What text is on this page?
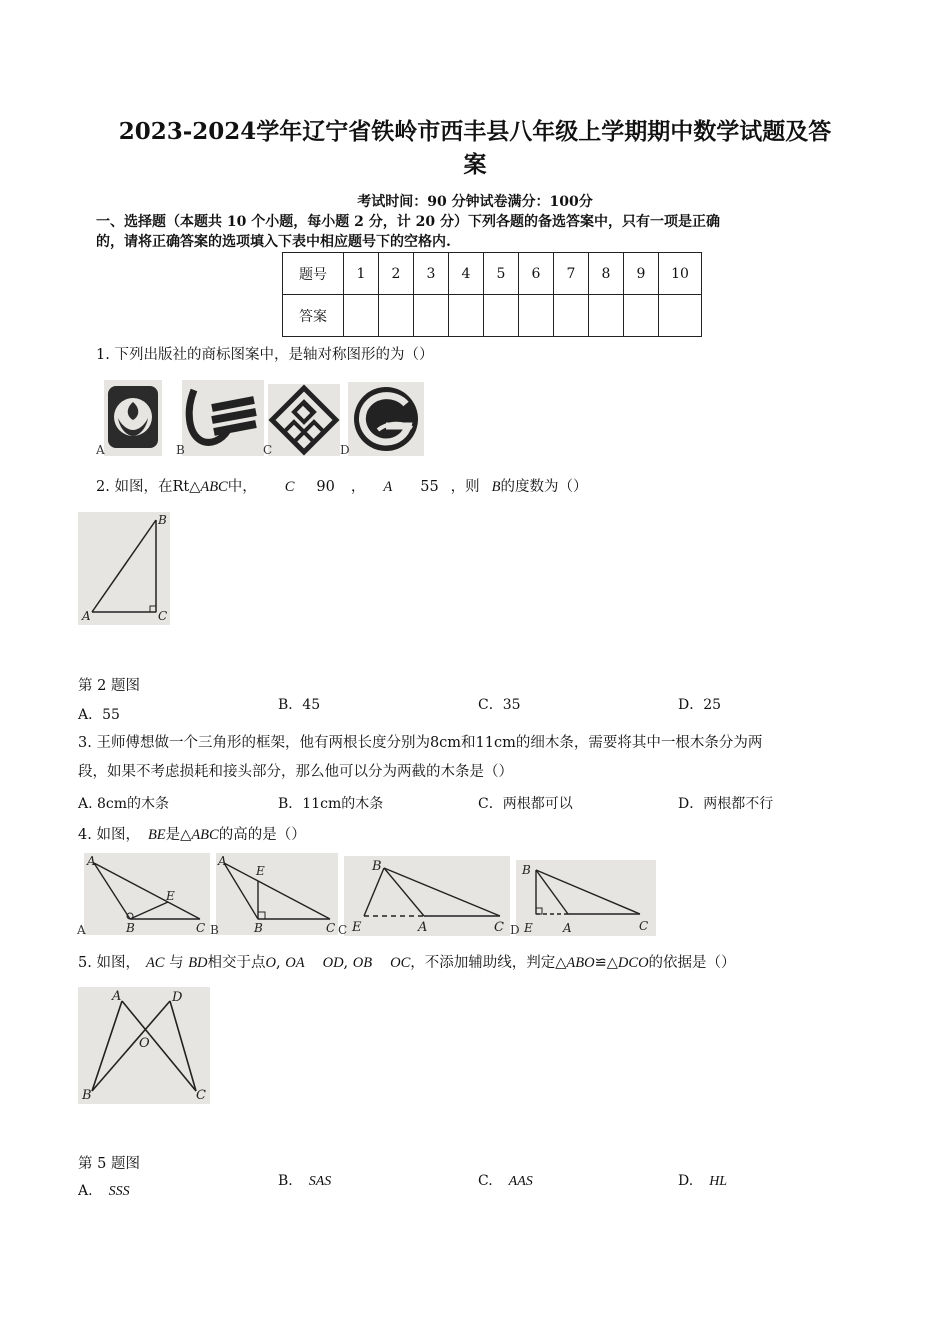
2023-2024学年辽宁省铁岭市西丰县八年级上学期期中数学试题及答
案
考试时间：90 分钟试卷满分：100分
一、选择题（本题共 10 个小题，每小题 2 分，计 20 分）下列各题的备选答案中，只有一项是正确
的，请将正确答案的选项填入下表中相应题号下的空格内.
题号	1	2	3	4	5	6	7	8	9	10
答案										
1. 下列出版社的商标图案中，是轴对称图形的为（）
A	B	C	D
2. 如图，在Rt△ABC中， C 90 ， A 55 ，则 B的度数为（）
A
B
C
第 2 题图
A．55
B．45	C．35	D．25
3. 王师傅想做一个三角形的框架，他有两根长度分别为8cm和11cm的细木条，需要将其中一根木条分为两
段，如果不考虑损耗和接头部分，那么他可以分为两截的木条是（）
A. 8cm的木条	B．11cm的木条	C．两根都可以	D．两根都不行
4. 如图， BE是△ABC的高的是（）
A
B	C
E
A
B	C
E	B
E	A	C
B
E	A	C
A	B	C	D
5. 如图， AC 与 BD相交于点O, OA OD, OB OC，不添加辅助线，判定△ABO≌△DCO的依据是（）
A	D
O
B	C
第 5 题图
A. SSS
B. SAS	C. AAS	D. HL
